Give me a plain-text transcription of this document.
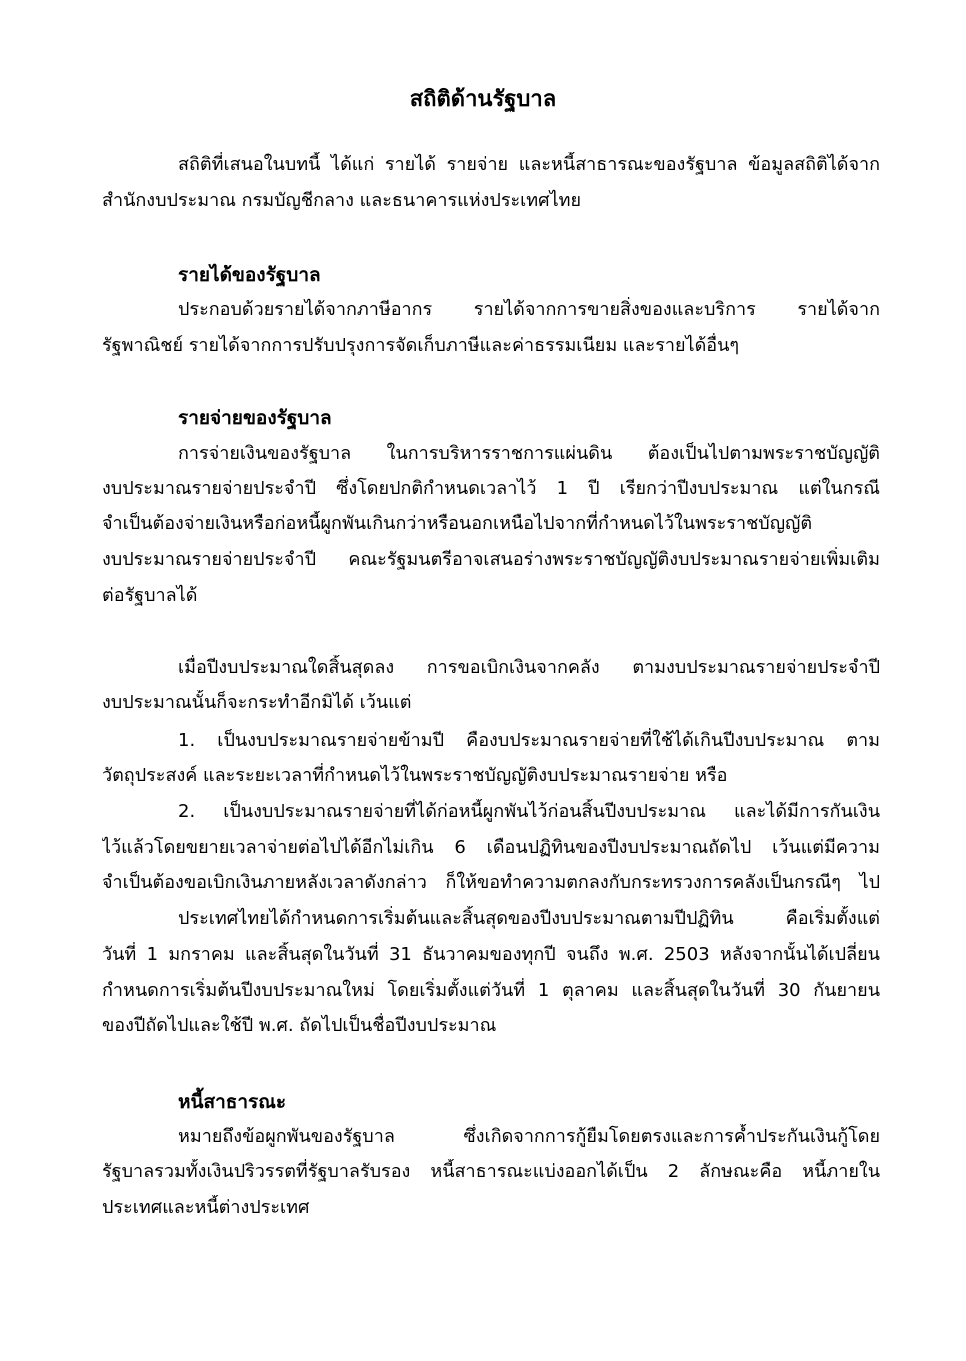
สถิติด้านรัฐบาล
สถิติที่เสนอในบทนี้ ได้แก่ รายได้ รายจ่าย และหนี้สาธารณะของรัฐบาล ข้อมูลสถิติได้จาก
สำนักงบประมาณ กรมบัญชีกลาง และธนาคารแห่งประเทศไทย
รายได้ของรัฐบาล
ประกอบด้วยรายได้จากภาษีอากร รายได้จากการขายสิ่งของและบริการ รายได้จาก
รัฐพาณิชย์ รายได้จากการปรับปรุงการจัดเก็บภาษีและค่าธรรมเนียม และรายได้อื่นๆ
รายจ่ายของรัฐบาล
การจ่ายเงินของรัฐบาล ในการบริหารราชการแผ่นดิน ต้องเป็นไปตามพระราชบัญญัติ
งบประมาณรายจ่ายประจำปี ซึ่งโดยปกติกำหนดเวลาไว้ 1 ปี เรียกว่าปีงบประมาณ แต่ในกรณี
จำเป็นต้องจ่ายเงินหรือก่อหนี้ผูกพันเกินกว่าหรือนอกเหนือไปจากที่กำหนดไว้ในพระราชบัญญัติ
งบประมาณรายจ่ายประจำปี คณะรัฐมนตรีอาจเสนอร่างพระราชบัญญัติงบประมาณรายจ่ายเพิ่มเติม
ต่อรัฐบาลได้
เมื่อปีงบประมาณใดสิ้นสุดลง การขอเบิกเงินจากคลัง ตามงบประมาณรายจ่ายประจำปี
งบประมาณนั้นก็จะกระทำอีกมิได้ เว้นแต่
1. เป็นงบประมาณรายจ่ายข้ามปี คืองบประมาณรายจ่ายที่ใช้ได้เกินปีงบประมาณ ตาม
วัตถุประสงค์ และระยะเวลาที่กำหนดไว้ในพระราชบัญญัติงบประมาณรายจ่าย หรือ
2. เป็นงบประมาณรายจ่ายที่ได้ก่อหนี้ผูกพันไว้ก่อนสิ้นปีงบประมาณ และได้มีการกันเงิน
ไว้แล้วโดยขยายเวลาจ่ายต่อไปได้อีกไม่เกิน 6 เดือนปฏิทินของปีงบประมาณถัดไป เว้นแต่มีความ
จำเป็นต้องขอเบิกเงินภายหลังเวลาดังกล่าว ก็ให้ขอทำความตกลงกับกระทรวงการคลังเป็นกรณีๆ ไป
ประเทศไทยได้กำหนดการเริ่มต้นและสิ้นสุดของปีงบประมาณตามปีปฏิทิน คือเริ่มตั้งแต่
วันที่ 1 มกราคม และสิ้นสุดในวันที่ 31 ธันวาคมของทุกปี จนถึง พ.ศ. 2503 หลังจากนั้นได้เปลี่ยน
กำหนดการเริ่มต้นปีงบประมาณใหม่ โดยเริ่มตั้งแต่วันที่ 1 ตุลาคม และสิ้นสุดในวันที่ 30 กันยายน
ของปีถัดไปและใช้ปี พ.ศ. ถัดไปเป็นชื่อปีงบประมาณ
หนี้สาธารณะ
หมายถึงข้อผูกพันของรัฐบาล ซึ่งเกิดจากการกู้ยืมโดยตรงและการค้ำประกันเงินกู้โดย
รัฐบาลรวมทั้งเงินปริวรรตที่รัฐบาลรับรอง หนี้สาธารณะแบ่งออกได้เป็น 2 ลักษณะคือ หนี้ภายใน
ประเทศและหนี้ต่างประเทศ
